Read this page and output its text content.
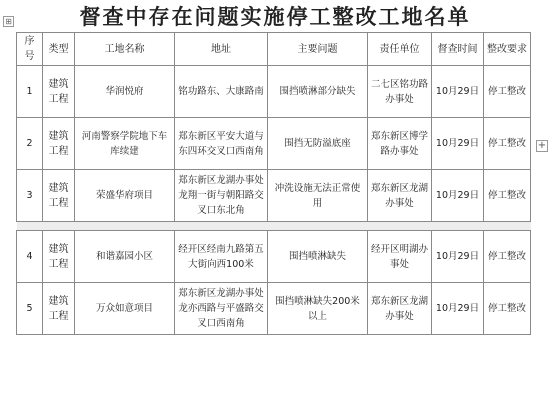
⊞	督查中存在问题实施停工整改工地名单
+
序号	类型	工地名称	地址	主要问题	责任单位	督查时间	整改要求
1	建筑工程	华润悦府	铭功路东、大康路南	围挡喷淋部分缺失	二七区铭功路办事处	10月29日	停工整改
2	建筑工程	河南警察学院地下车库续建	郑东新区平安大道与东四环交叉口西南角	围挡无防溢底座	郑东新区博学路办事处	10月29日	停工整改
3	建筑工程	荣盛华府项目	郑东新区龙湖办事处龙翔一街与朝阳路交叉口东北角	冲洗设施无法正常使用	郑东新区龙湖办事处	10月29日	停工整改

4	建筑工程	和谐嘉园小区	经开区经南九路第五大街向西100米	围挡喷淋缺失	经开区明湖办事处	10月29日	停工整改
5	建筑工程	万众如意项目	郑东新区龙湖办事处龙亦西路与平盛路交叉口西南角	围挡喷淋缺失200米以上	郑东新区龙湖办事处	10月29日	停工整改
